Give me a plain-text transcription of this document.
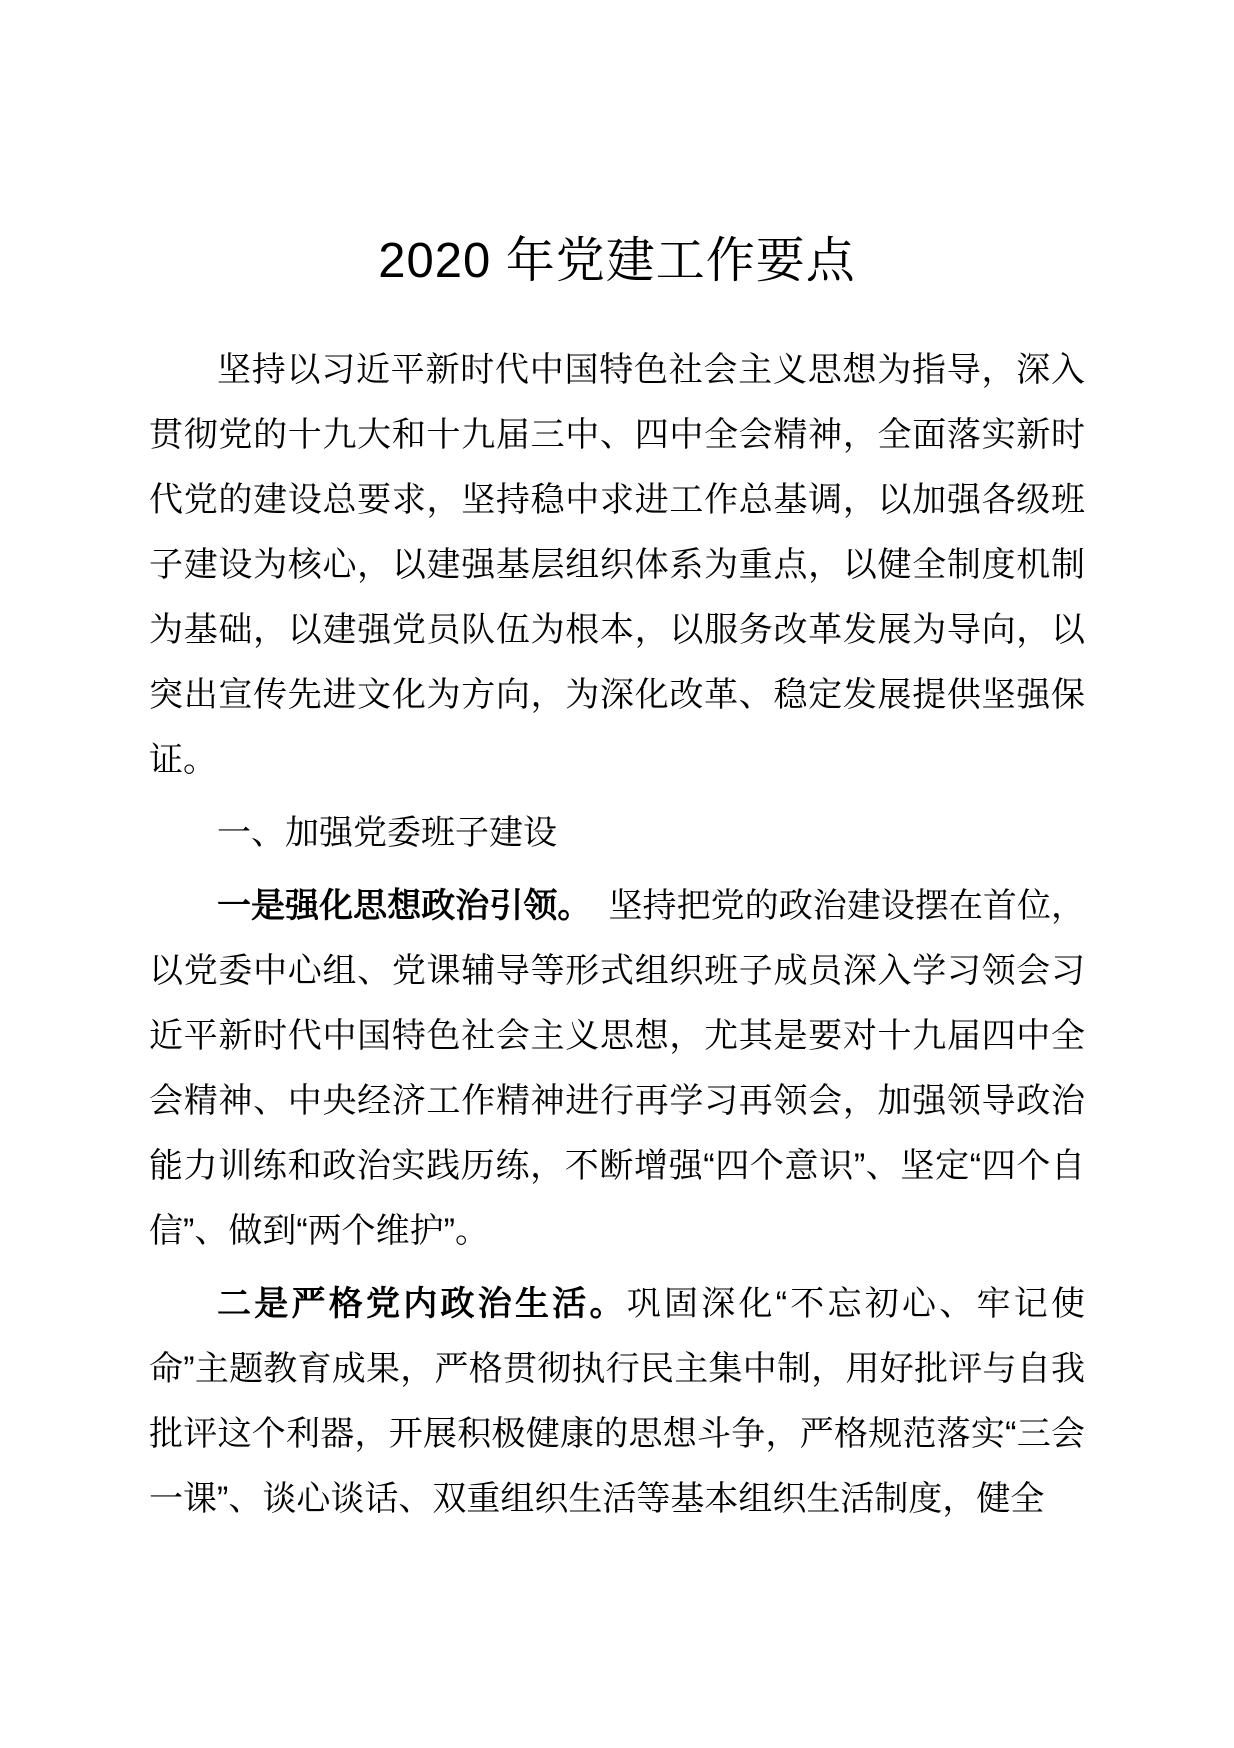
2020 年党建工作要点

坚持以习近平新时代中国特色社会主义思想为指导，深入贯彻党的十九大和十九届三中、四中全会精神，全面落实新时代党的建设总要求，坚持稳中求进工作总基调，以加强各级班子建设为核心，以建强基层组织体系为重点，以健全制度机制为基础，以建强党员队伍为根本，以服务改革发展为导向，以突出宣传先进文化为方向，为深化改革、稳定发展提供坚强保证。

一、加强党委班子建设

一是强化思想政治引领。　坚持把党的政治建设摆在首位，以党委中心组、党课辅导等形式组织班子成员深入学习领会习近平新时代中国特色社会主义思想，尤其是要对十九届四中全会精神、中央经济工作精神进行再学习再领会，加强领导政治能力训练和政治实践历练，不断增强“四个意识”、坚定“四个自信”、做到“两个维护”。

二是严格党内政治生活。巩固深化“不忘初心、牢记使命”主题教育成果，严格贯彻执行民主集中制，用好批评与自我批评这个利器，开展积极健康的思想斗争，严格规范落实“三会一课”、谈心谈话、双重组织生活等基本组织生活制度，健全
